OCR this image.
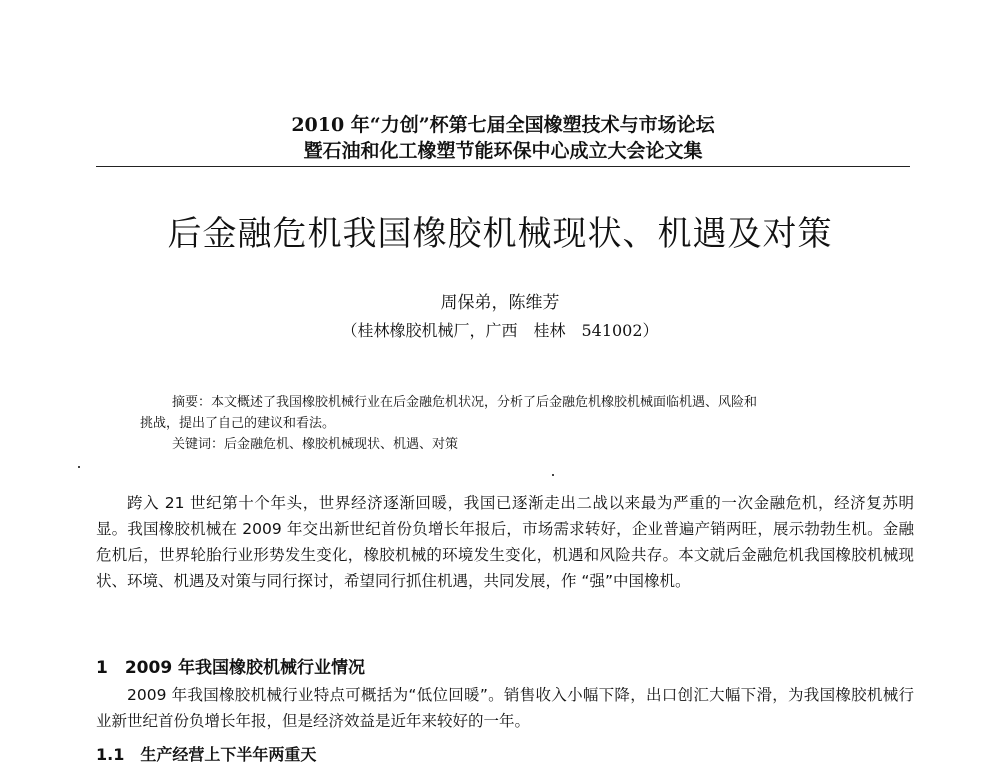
2010 年“力创”杯第七届全国橡塑技术与市场论坛
暨石油和化工橡塑节能环保中心成立大会论文集
后金融危机我国橡胶机械现状、机遇及对策
周保弟，陈维芳
（桂林橡胶机械厂，广西　桂林　541002）
摘要：本文概述了我国橡胶机械行业在后金融危机状况，分析了后金融危机橡胶机械面临机遇、风险和
挑战，提出了自己的建议和看法。
关键词：后金融危机、橡胶机械现状、机遇、对策
跨入 21 世纪第十个年头，世界经济逐渐回暖，我国已逐渐走出二战以来最为严重的一次金融危机，经济复苏明显。我国橡胶机械在 2009 年交出新世纪首份负增长年报后，市场需求转好，企业普遍产销两旺，展示勃勃生机。金融危机后，世界轮胎行业形势发生变化，橡胶机械的环境发生变化，机遇和风险共存。本文就后金融危机我国橡胶机械现状、环境、机遇及对策与同行探讨，希望同行抓住机遇，共同发展，作 “强”中国橡机。
1　2009 年我国橡胶机械行业情况
2009 年我国橡胶机械行业特点可概括为“低位回暖”。销售收入小幅下降，出口创汇大幅下滑，为我国橡胶机械行业新世纪首份负增长年报，但是经济效益是近年来较好的一年。
1.1　生产经营上下半年两重天
